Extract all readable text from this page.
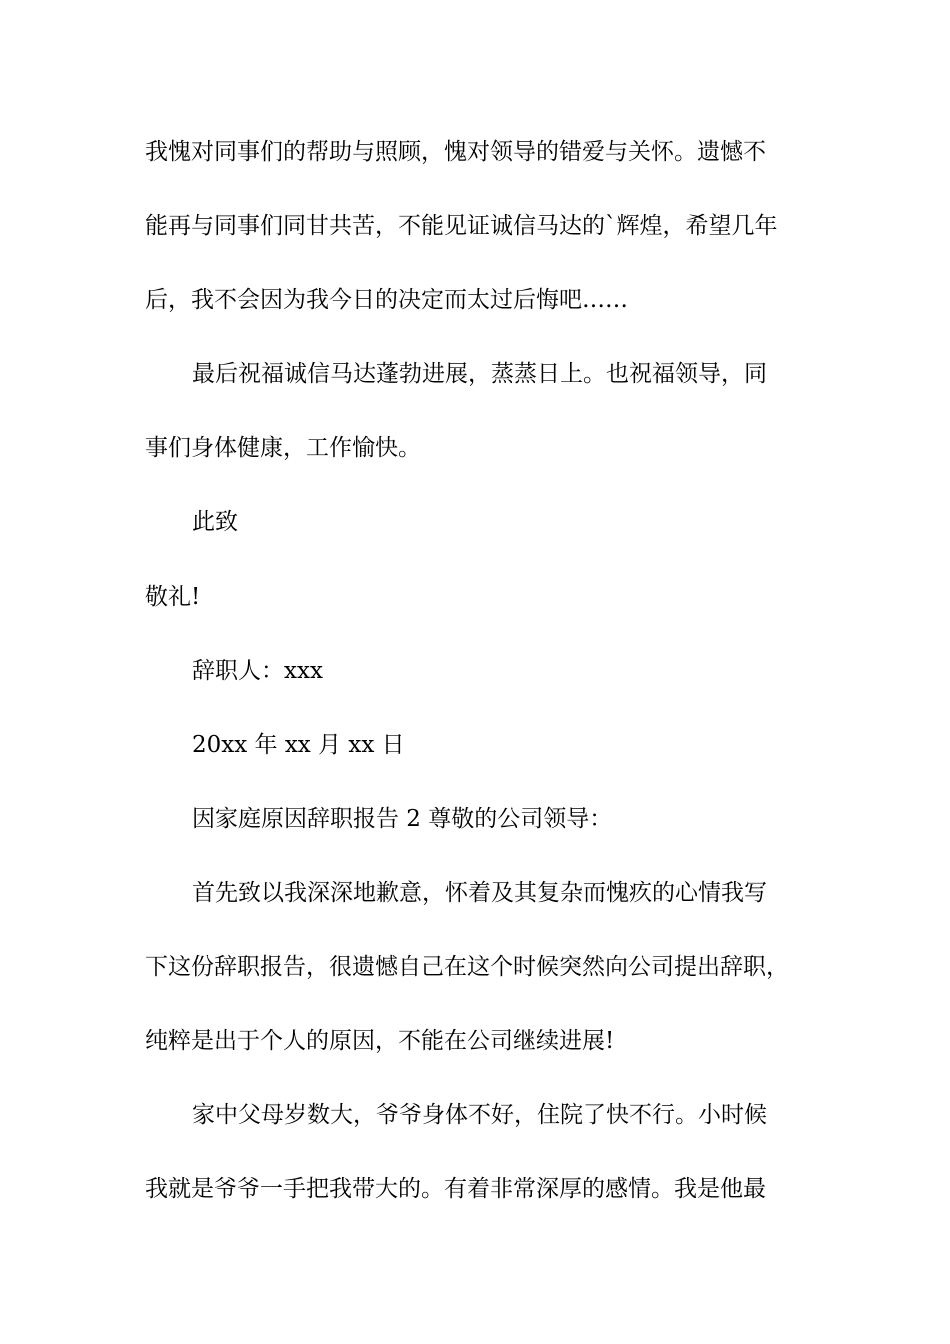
我愧对同事们的帮助与照顾，愧对领导的错爱与关怀。遗憾不

能再与同事们同甘共苦，不能见证诚信马达的`辉煌，希望几年

后，我不会因为我今日的决定而太过后悔吧……

最后祝福诚信马达蓬勃进展，蒸蒸日上。也祝福领导，同

事们身体健康，工作愉快。

此致

敬礼!

辞职人：xxx

20xx 年 xx 月 xx 日

因家庭原因辞职报告 2 尊敬的公司领导：

首先致以我深深地歉意，怀着及其复杂而愧疚的心情我写

下这份辞职报告，很遗憾自己在这个时候突然向公司提出辞职，

纯粹是出于个人的原因，不能在公司继续进展!

家中父母岁数大，爷爷身体不好，住院了快不行。小时候

我就是爷爷一手把我带大的。有着非常深厚的感情。我是他最
